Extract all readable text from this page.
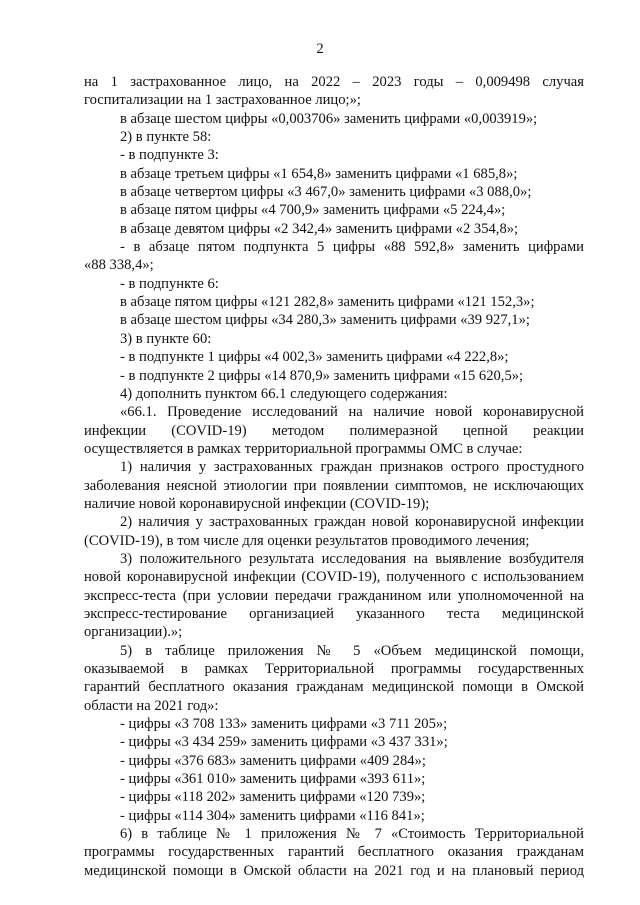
2
на 1 застрахованное лицо, на 2022 – 2023 годы – 0,009498 случая
госпитализации на 1 застрахованное лицо;»;
в абзаце шестом цифры «0,003706» заменить цифрами «0,003919»;
2) в пункте 58:
- в подпункте 3:
в абзаце третьем цифры «1 654,8» заменить цифрами «1 685,8»;
в абзаце четвертом цифры «3 467,0» заменить цифрами «3 088,0»;
в абзаце пятом цифры «4 700,9» заменить цифрами «5 224,4»;
в абзаце девятом цифры «2 342,4» заменить цифрами «2 354,8»;
- в абзаце пятом подпункта 5 цифры «88 592,8» заменить цифрами
«88 338,4»;
- в подпункте 6:
в абзаце пятом цифры «121 282,8» заменить цифрами «121 152,3»;
в абзаце шестом цифры «34 280,3» заменить цифрами «39 927,1»;
3) в пункте 60:
- в подпункте 1 цифры «4 002,3» заменить цифрами «4 222,8»;
- в подпункте 2 цифры «14 870,9» заменить цифрами «15 620,5»;
4) дополнить пунктом 66.1 следующего содержания:
«66.1. Проведение исследований на наличие новой коронавирусной
инфекции (COVID-19) методом полимеразной цепной реакции
осуществляется в рамках территориальной программы ОМС в случае:
1) наличия у застрахованных граждан признаков острого простудного
заболевания неясной этиологии при появлении симптомов, не исключающих
наличие новой коронавирусной инфекции (COVID-19);
2) наличия у застрахованных граждан новой коронавирусной инфекции
(COVID-19), в том числе для оценки результатов проводимого лечения;
3) положительного результата исследования на выявление возбудителя
новой коронавирусной инфекции (COVID-19), полученного с использованием
экспресс-теста (при условии передачи гражданином или уполномоченной на
экспресс-тестирование организацией указанного теста медицинской
организации).»;
5) в таблице приложения № 5 «Объем медицинской помощи,
оказываемой в рамках Территориальной программы государственных
гарантий бесплатного оказания гражданам медицинской помощи в Омской
области на 2021 год»:
- цифры «3 708 133» заменить цифрами «3 711 205»;
- цифры «3 434 259» заменить цифрами «3 437 331»;
- цифры «376 683» заменить цифрами «409 284»;
- цифры «361 010» заменить цифрами «393 611»;
- цифры «118 202» заменить цифрами «120 739»;
- цифры «114 304» заменить цифрами «116 841»;
6) в таблице № 1 приложения № 7 «Стоимость Территориальной
программы государственных гарантий бесплатного оказания гражданам
медицинской помощи в Омской области на 2021 год и на плановый период
